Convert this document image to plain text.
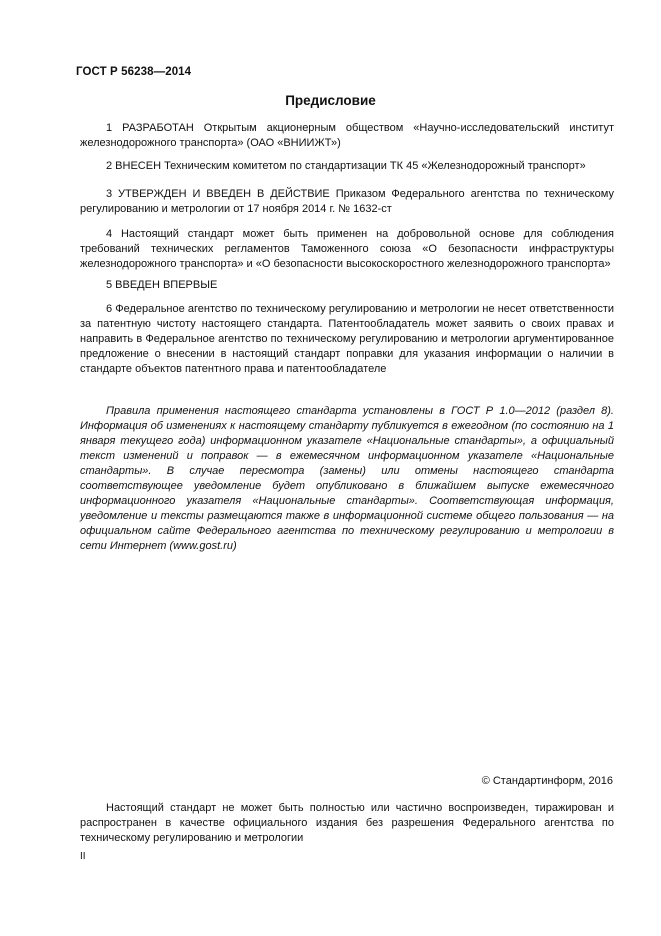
ГОСТ Р 56238—2014
Предисловие

1 РАЗРАБОТАН Открытым акционерным обществом «Научно-исследовательский институт железнодорожного транспорта» (ОАО «ВНИИЖТ»)

2 ВНЕСЕН Техническим комитетом по стандартизации ТК 45 «Железнодорожный транспорт»

3 УТВЕРЖДЕН И ВВЕДЕН В ДЕЙСТВИЕ Приказом Федерального агентства по техническому регулированию и метрологии от 17 ноября 2014 г. № 1632-ст

4 Настоящий стандарт может быть применен на добровольной основе для соблюдения требований технических регламентов Таможенного союза «О безопасности инфраструктуры железнодорожного транспорта» и «О безопасности высокоскоростного железнодорожного транспорта»

5 ВВЕДЕН ВПЕРВЫЕ

6 Федеральное агентство по техническому регулированию и метрологии не несет ответственности за патентную чистоту настоящего стандарта. Патентообладатель может заявить о своих правах и направить в Федеральное агентство по техническому регулированию и метрологии аргументированное предложение о внесении в настоящий стандарт поправки для указания информации о наличии в стандарте объектов патентного права и патентообладателе

Правила применения настоящего стандарта установлены в ГОСТ Р 1.0—2012 (раздел 8). Информация об изменениях к настоящему стандарту публикуется в ежегодном (по состоянию на 1 января текущего года) информационном указателе «Национальные стандарты», а официальный текст изменений и поправок — в ежемесячном информационном указателе «Национальные стандарты». В случае пересмотра (замены) или отмены настоящего стандарта соответствующее уведомление будет опубликовано в ближайшем выпуске ежемесячного информационного указателя «Национальные стандарты». Соответствующая информация, уведомление и тексты размещаются также в информационной системе общего пользования — на официальном сайте Федерального агентства по техническому регулированию и метрологии в сети Интернет (www.gost.ru)

© Стандартинформ, 2016

Настоящий стандарт не может быть полностью или частично воспроизведен, тиражирован и распространен в качестве официального издания без разрешения Федерального агентства по техническому регулированию и метрологии

II
